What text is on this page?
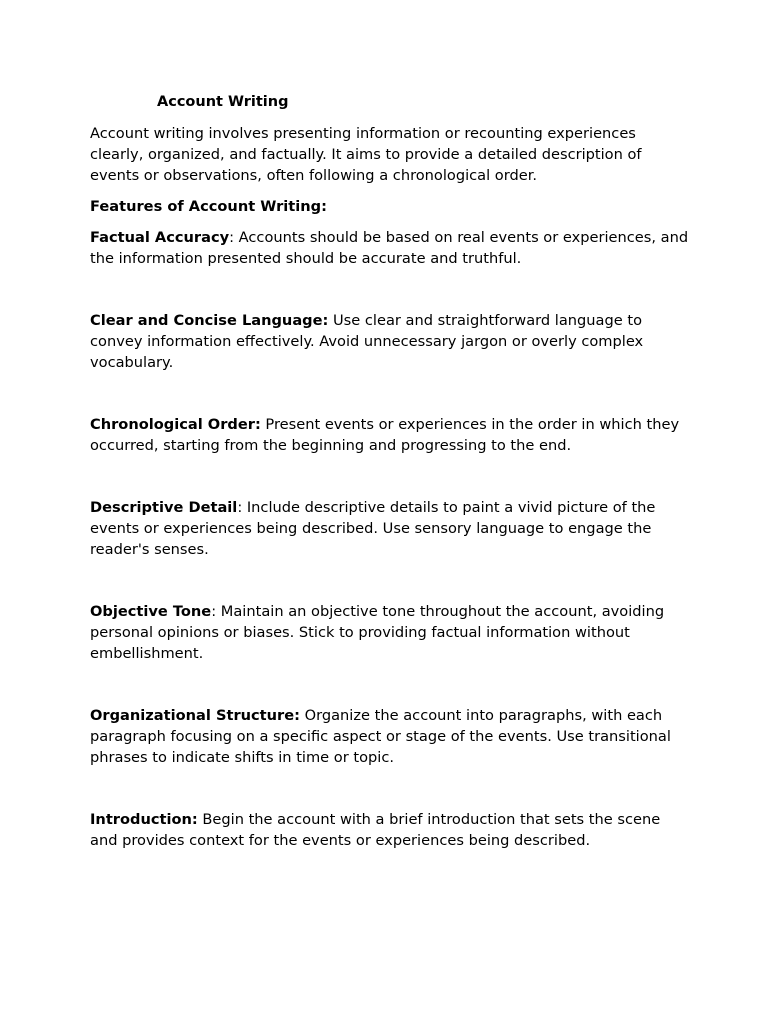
Account Writing

Account writing involves presenting information or recounting experiences clearly, organized, and factually. It aims to provide a detailed description of events or observations, often following a chronological order.

Features of Account Writing:

Factual Accuracy: Accounts should be based on real events or experiences, and the information presented should be accurate and truthful.

Clear and Concise Language: Use clear and straightforward language to convey information effectively. Avoid unnecessary jargon or overly complex vocabulary.

Chronological Order: Present events or experiences in the order in which they occurred, starting from the beginning and progressing to the end.

Descriptive Detail: Include descriptive details to paint a vivid picture of the events or experiences being described. Use sensory language to engage the reader's senses.

Objective Tone: Maintain an objective tone throughout the account, avoiding personal opinions or biases. Stick to providing factual information without embellishment.

Organizational Structure: Organize the account into paragraphs, with each paragraph focusing on a specific aspect or stage of the events. Use transitional phrases to indicate shifts in time or topic.

Introduction: Begin the account with a brief introduction that sets the scene and provides context for the events or experiences being described.
